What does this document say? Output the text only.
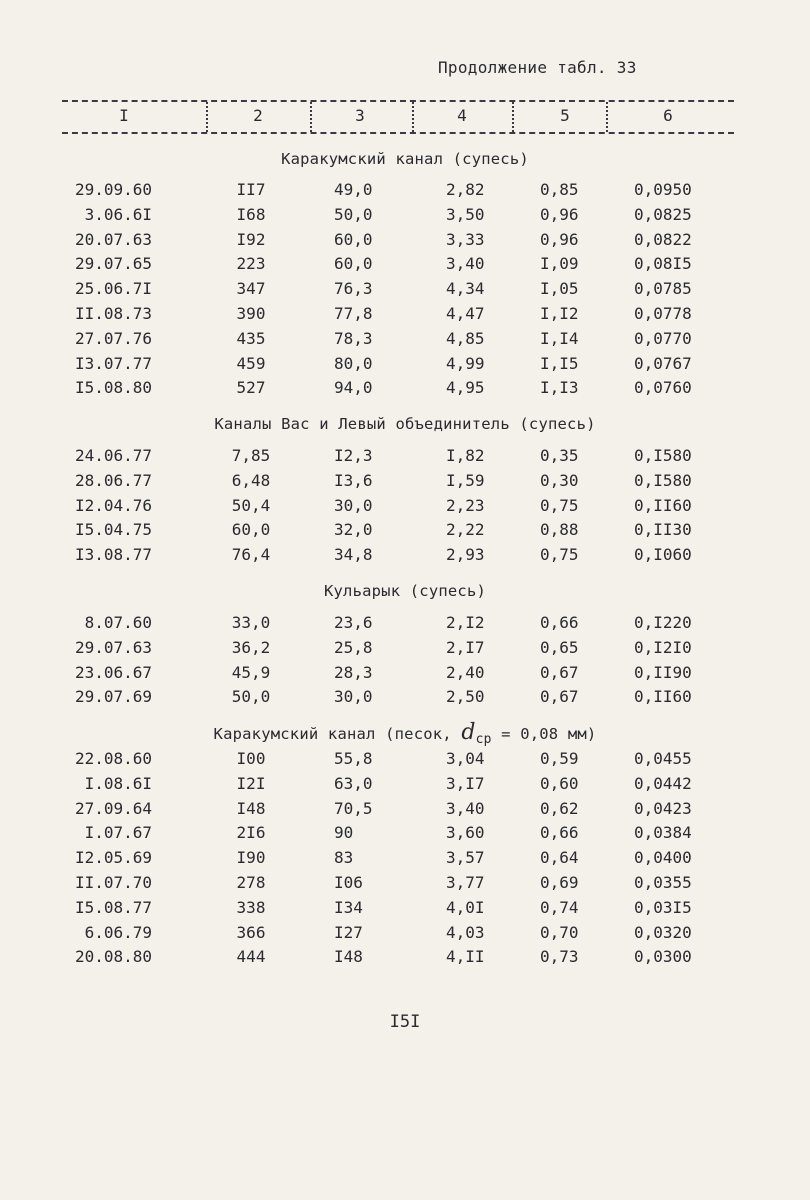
Продолжение табл. 33
I	2	3	4	5	6
Каракумский канал (супесь)
29.09.60	II7	49,0	2,82	0,85	0,0950
3.06.6I	I68	50,0	3,50	0,96	0,0825
20.07.63	I92	60,0	3,33	0,96	0,0822
29.07.65	223	60,0	3,40	I,09	0,08I5
25.06.7I	347	76,3	4,34	I,05	0,0785
II.08.73	390	77,8	4,47	I,I2	0,0778
27.07.76	435	78,3	4,85	I,I4	0,0770
I3.07.77	459	80,0	4,99	I,I5	0,0767
I5.08.80	527	94,0	4,95	I,I3	0,0760
Каналы Вас и Левый объединитель (супесь)
24.06.77	7,85	I2,3	I,82	0,35	0,I580
28.06.77	6,48	I3,6	I,59	0,30	0,I580
I2.04.76	50,4	30,0	2,23	0,75	0,II60
I5.04.75	60,0	32,0	2,22	0,88	0,II30
I3.08.77	76,4	34,8	2,93	0,75	0,I060
Кульарык (супесь)
8.07.60	33,0	23,6	2,I2	0,66	0,I220
29.07.63	36,2	25,8	2,I7	0,65	0,I2I0
23.06.67	45,9	28,3	2,40	0,67	0,II90
29.07.69	50,0	30,0	2,50	0,67	0,II60
Каракумский канал (песок, $d_{ср} = 0,08$ мм)
22.08.60	I00	55,8	3,04	0,59	0,0455
I.08.6I	I2I	63,0	3,I7	0,60	0,0442
27.09.64	I48	70,5	3,40	0,62	0,0423
I.07.67	2I6	90	3,60	0,66	0,0384
I2.05.69	I90	83	3,57	0,64	0,0400
II.07.70	278	I06	3,77	0,69	0,0355
I5.08.77	338	I34	4,0I	0,74	0,03I5
6.06.79	366	I27	4,03	0,70	0,0320
20.08.80	444	I48	4,II	0,73	0,0300
I5I
